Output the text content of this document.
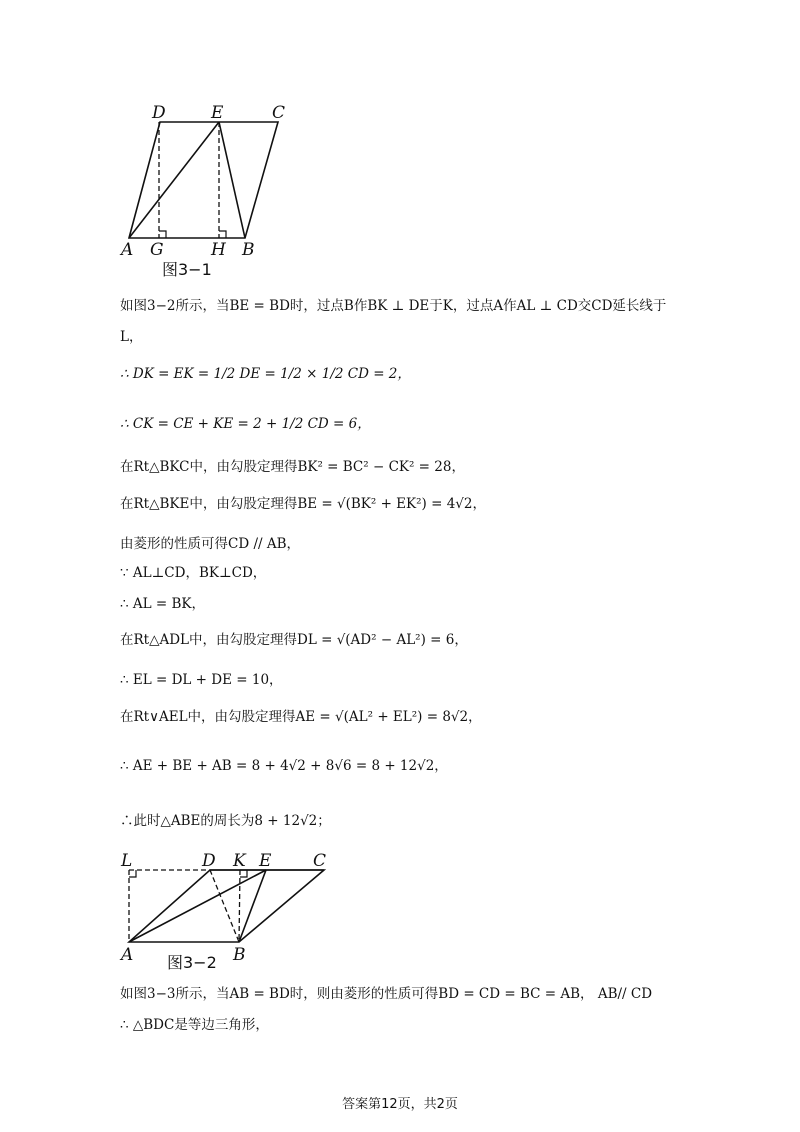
D	E	C
A G	H B
图3−1
如图3−2所示，当BE = BD时，过点B作BK ⊥ DE于K，过点A作AL ⊥ CD交CD延长线于
L，
∴ DK = EK = 1/2 DE = 1/2 × 1/2 CD = 2，
∴ CK = CE + KE = 2 + 1/2 CD = 6，
在Rt△BKC中，由勾股定理得BK² = BC² − CK² = 28，
在Rt△BKE中，由勾股定理得BE = √(BK² + EK²) = 4√2，
由菱形的性质可得CD // AB，
∵ AL⊥CD，BK⊥CD，
∴ AL = BK，
在Rt△ADL中，由勾股定理得DL = √(AD² − AL²) = 6，
∴ EL = DL + DE = 10，
在Rt∨AEL中，由勾股定理得AE = √(AL² + EL²) = 8√2，
∴ AE + BE + AB = 8 + 4√2 + 8√6 = 8 + 12√2，
∴此时△ABE的周长为8 + 12√2；
L	D K E C
A	B
图3−2
如图3−3所示，当AB = BD时，则由菱形的性质可得BD = CD = BC = AB， AB// CD
∴ △BDC是等边三角形，
答案第12页，共2页
